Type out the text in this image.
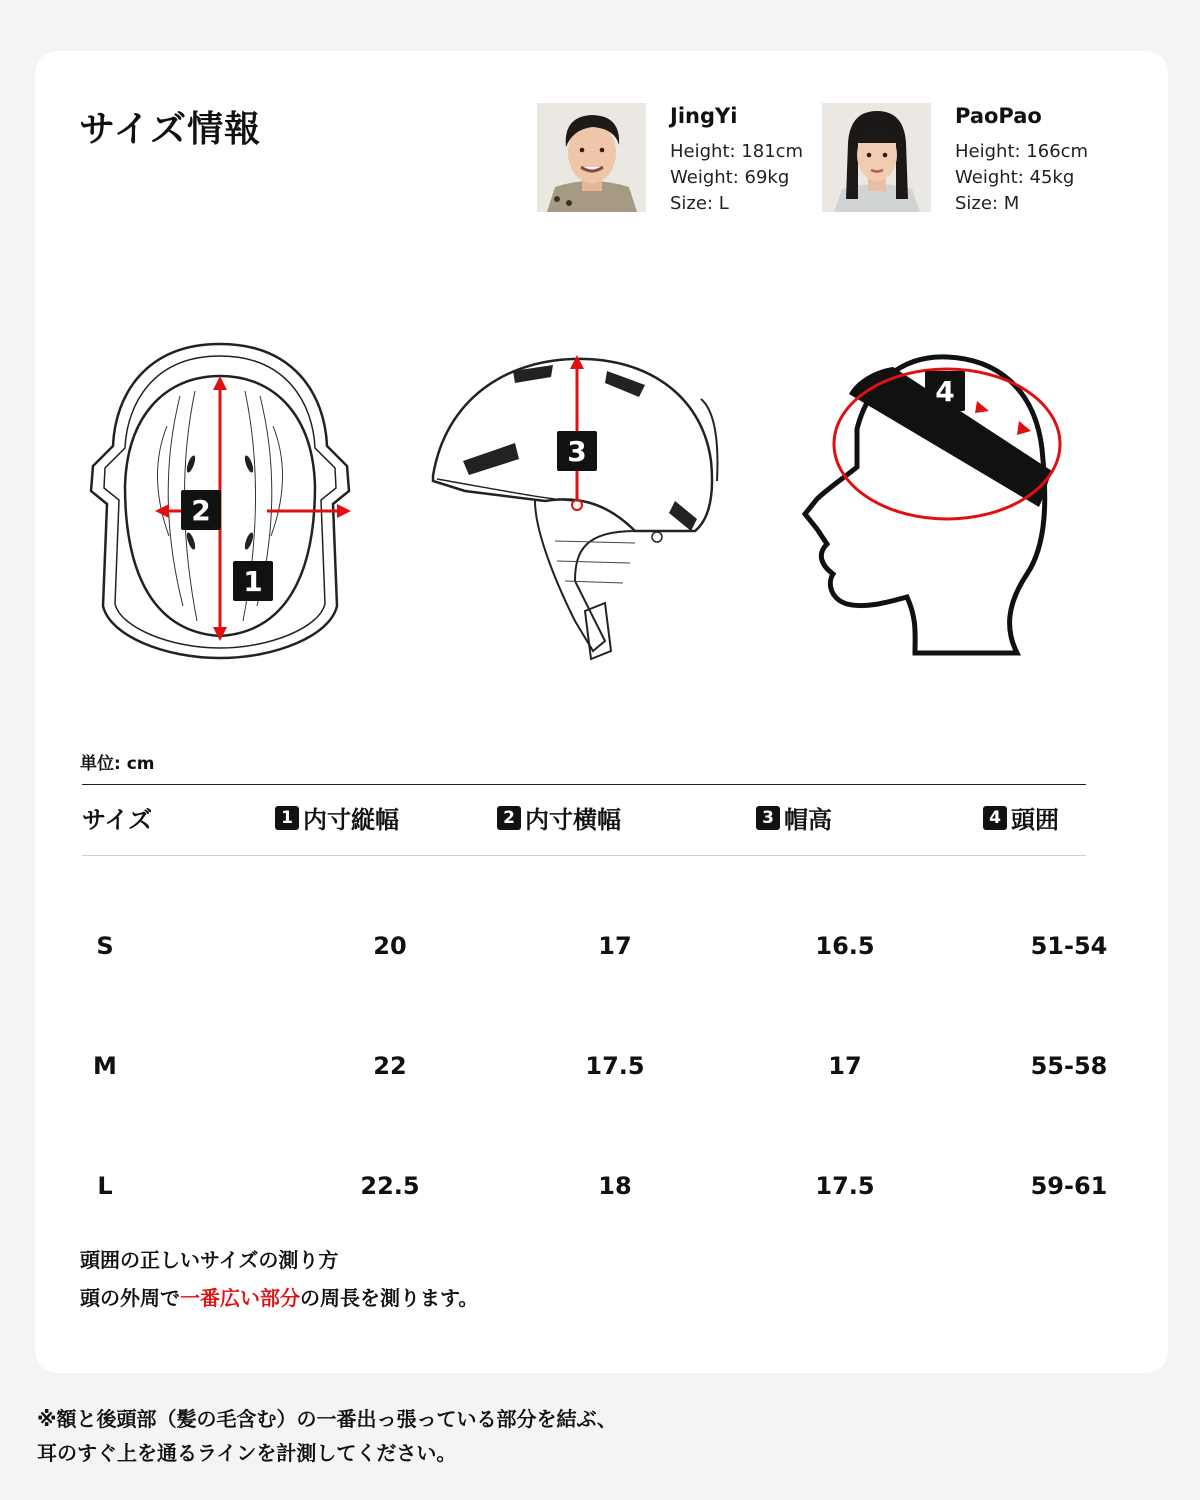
サイズ情報	JingYi
Height: 181cm
Weight: 69kg
Size: L
PaoPao
Height: 166cm
Weight: 45kg
Size: M
2
1
3
4
単位: cm
サイズ	1 内寸縦幅	2 内寸横幅	3 帽高	4 頭囲
S	20	17	16.5	51-54
M	22	17.5	17	55-58
L	22.5	18	17.5	59-61
頭囲の正しいサイズの測り方
頭の外周で一番広い部分の周長を測ります。
※額と後頭部（髪の毛含む）の一番出っ張っている部分を結ぶ、
耳のすぐ上を通るラインを計測してください。
